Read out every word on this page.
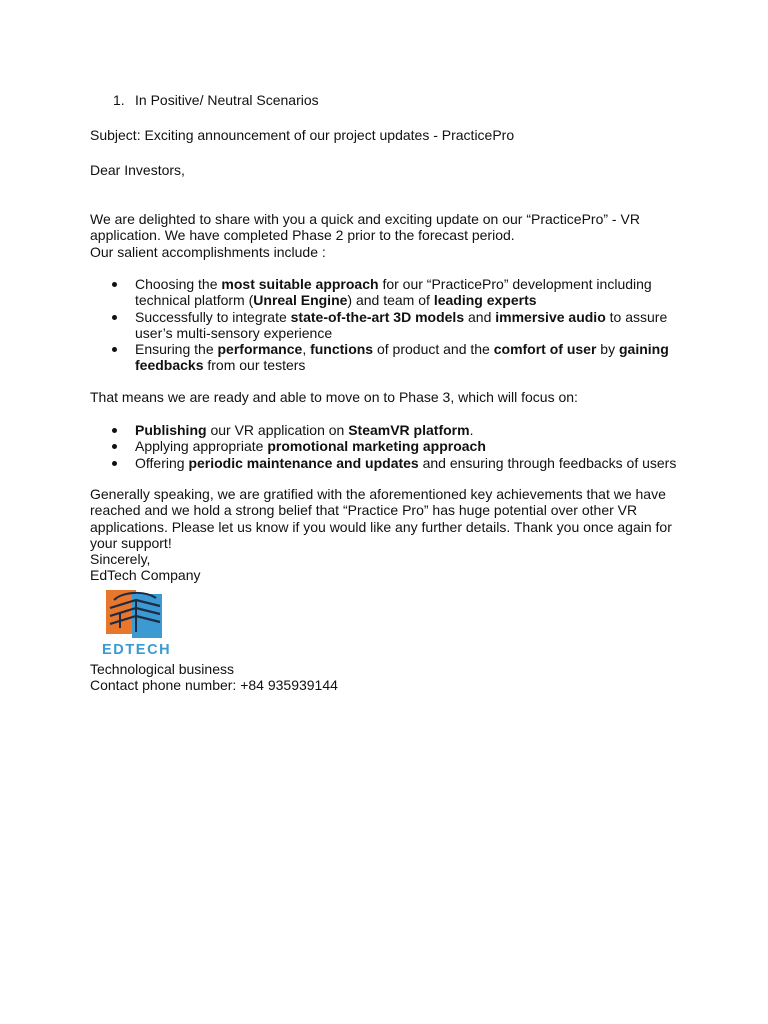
1. In Positive/ Neutral Scenarios
Subject: Exciting announcement of our project updates - PracticePro
Dear Investors,
We are delighted to share with you a quick and exciting update on our “PracticePro” - VR
application. We have completed Phase 2 prior to the forecast period.
Our salient accomplishments include :
Choosing the most suitable approach for our “PracticePro” development including
technical platform (Unreal Engine) and team of leading experts
Successfully to integrate state-of-the-art 3D models and immersive audio to assure
user’s multi-sensory experience
Ensuring the performance, functions of product and the comfort of user by gaining
feedbacks from our testers
That means we are ready and able to move on to Phase 3, which will focus on:
Publishing our VR application on SteamVR platform.
Applying appropriate promotional marketing approach
Offering periodic maintenance and updates and ensuring through feedbacks of users
Generally speaking, we are gratified with the aforementioned key achievements that we have
reached and we hold a strong belief that “Practice Pro” has huge potential over other VR
applications. Please let us know if you would like any further details. Thank you once again for
your support!
Sincerely,
EdTech Company
EDTECH
Technological business
Contact phone number: +84 935939144
